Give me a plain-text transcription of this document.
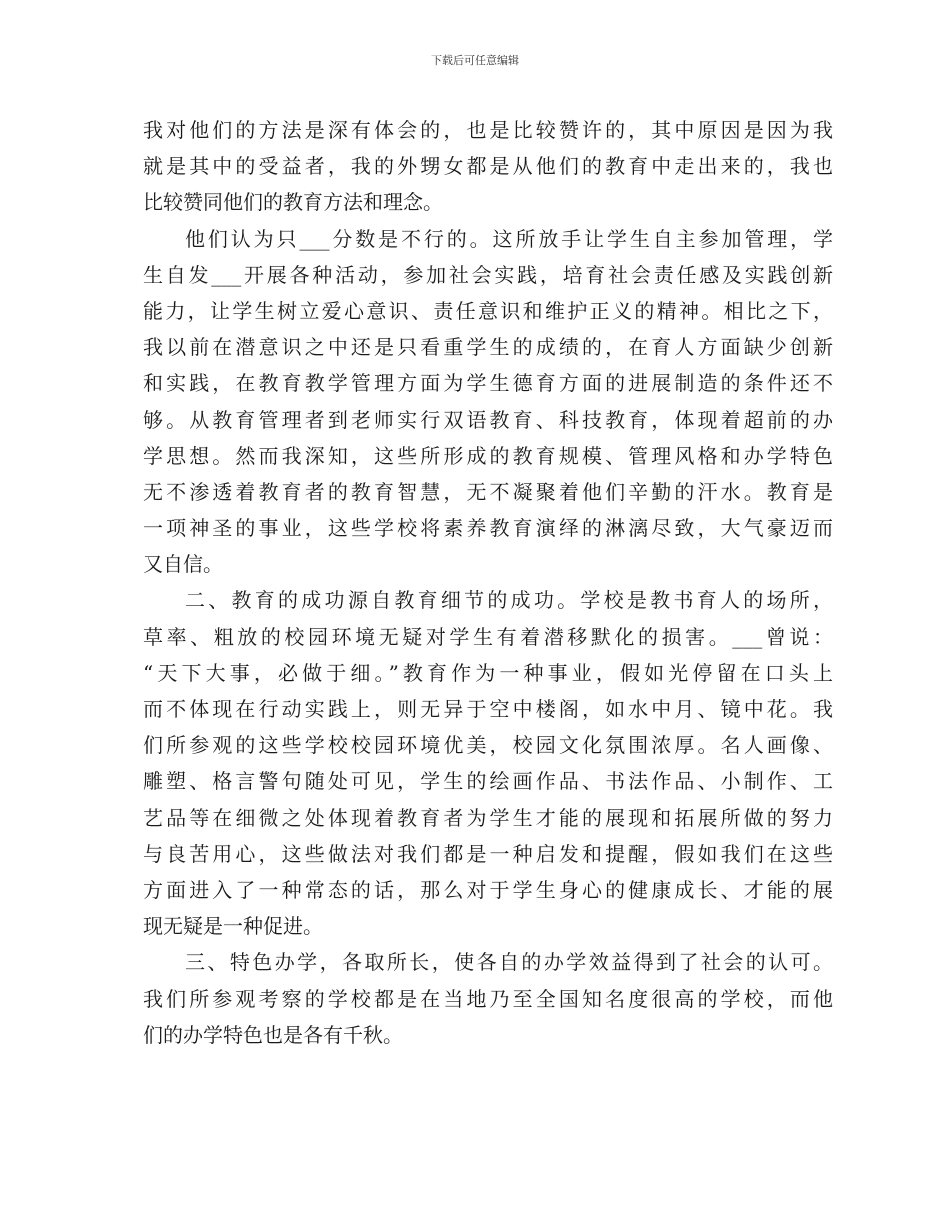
下载后可任意编辑
我对他们的方法是深有体会的，也是比较赞许的，其中原因是因为我
就是其中的受益者，我的外甥女都是从他们的教育中走出来的，我也
比较赞同他们的教育方法和理念。
他们认为只___分数是不行的。这所放手让学生自主参加管理，学
生自发___开展各种活动，参加社会实践，培育社会责任感及实践创新
能力，让学生树立爱心意识、责任意识和维护正义的精神。相比之下，
我以前在潜意识之中还是只看重学生的成绩的，在育人方面缺少创新
和实践，在教育教学管理方面为学生德育方面的进展制造的条件还不
够。从教育管理者到老师实行双语教育、科技教育，体现着超前的办
学思想。然而我深知，这些所形成的教育规模、管理风格和办学特色
无不渗透着教育者的教育智慧，无不凝聚着他们辛勤的汗水。教育是
一项神圣的事业，这些学校将素养教育演绎的淋漓尽致，大气豪迈而
又自信。
二、教育的成功源自教育细节的成功。学校是教书育人的场所，
草率、粗放的校园环境无疑对学生有着潜移默化的损害。___曾说：
“天下大事，必做于细。”教育作为一种事业，假如光停留在口头上
而不体现在行动实践上，则无异于空中楼阁，如水中月、镜中花。我
们所参观的这些学校校园环境优美，校园文化氛围浓厚。名人画像、
雕塑、格言警句随处可见，学生的绘画作品、书法作品、小制作、工
艺品等在细微之处体现着教育者为学生才能的展现和拓展所做的努力
与良苦用心，这些做法对我们都是一种启发和提醒，假如我们在这些
方面进入了一种常态的话，那么对于学生身心的健康成长、才能的展
现无疑是一种促进。
三、特色办学，各取所长，使各自的办学效益得到了社会的认可。
我们所参观考察的学校都是在当地乃至全国知名度很高的学校，而他
们的办学特色也是各有千秋。
